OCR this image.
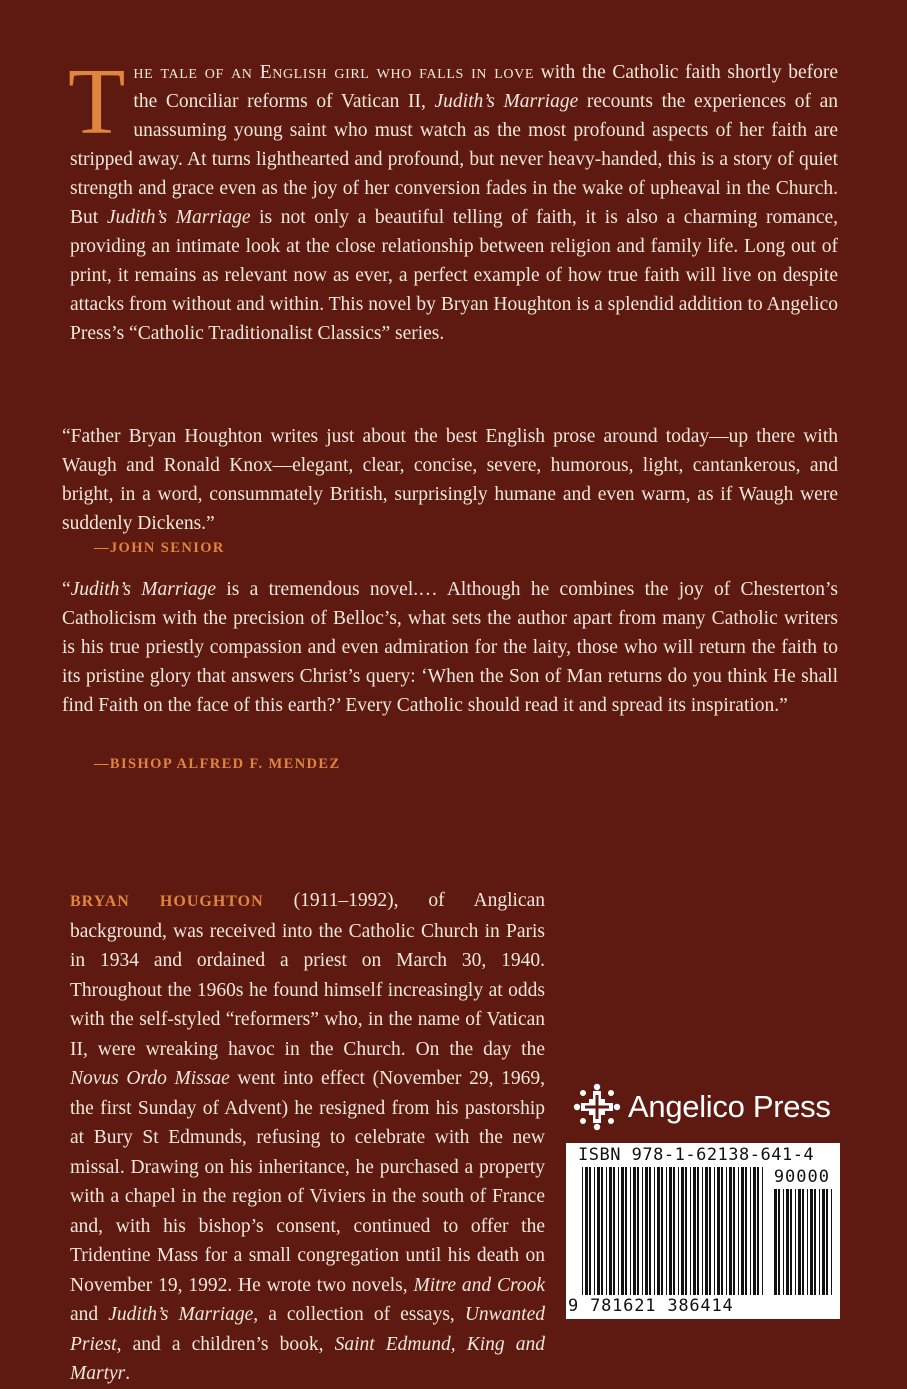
The tale of an English girl who falls in love with the Catholic faith shortly before the Conciliar reforms of Vatican II, Judith’s Marriage recounts the experiences of an unassuming young saint who must watch as the most profound aspects of her faith are stripped away. At turns lighthearted and profound, but never heavy-handed, this is a story of quiet strength and grace even as the joy of her conversion fades in the wake of upheaval in the Church. But Judith’s Marriage is not only a beautiful telling of faith, it is also a charming romance, providing an intimate look at the close relationship between religion and family life. Long out of print, it remains as relevant now as ever, a perfect example of how true faith will live on despite attacks from without and within. This novel by Bryan Houghton is a splendid addition to Angelico Press’s “Catholic Traditionalist Classics” series.

“Father Bryan Houghton writes just about the best English prose around today—up there with Waugh and Ronald Knox—elegant, clear, concise, severe, humorous, light, cantankerous, and bright, in a word, consummately British, surprisingly humane and even warm, as if Waugh were suddenly Dickens.”

—JOHN SENIOR

“Judith’s Marriage is a tremendous novel.… Although he combines the joy of Chesterton’s Catholicism with the precision of Belloc’s, what sets the author apart from many Catholic writers is his true priestly compassion and even admiration for the laity, those who will return the faith to its pristine glory that answers Christ’s query: ‘When the Son of Man returns do you think He shall find Faith on the face of this earth?’ Every Catholic should read it and spread its inspiration.”

—BISHOP ALFRED F. MENDEZ

BRYAN HOUGHTON (1911–1992), of Anglican background, was received into the Catholic Church in Paris in 1934 and ordained a priest on March 30, 1940. Throughout the 1960s he found himself increasingly at odds with the self-styled “reformers” who, in the name of Vatican II, were wreaking havoc in the Church. On the day the Novus Ordo Missae went into effect (November 29, 1969, the first Sunday of Advent) he resigned from his pastorship at Bury St Edmunds, refusing to celebrate with the new missal. Drawing on his inheritance, he purchased a property with a chapel in the region of Viviers in the south of France and, with his bishop’s consent, continued to offer the Tridentine Mass for a small congregation until his death on November 19, 1992. He wrote two novels, Mitre and Crook and Judith’s Marriage, a collection of essays, Unwanted Priest, and a children’s book, Saint Edmund, King and Martyr.

Angelico Press
ISBN 978-1-62138-641-4
90000
9 781621 386414
